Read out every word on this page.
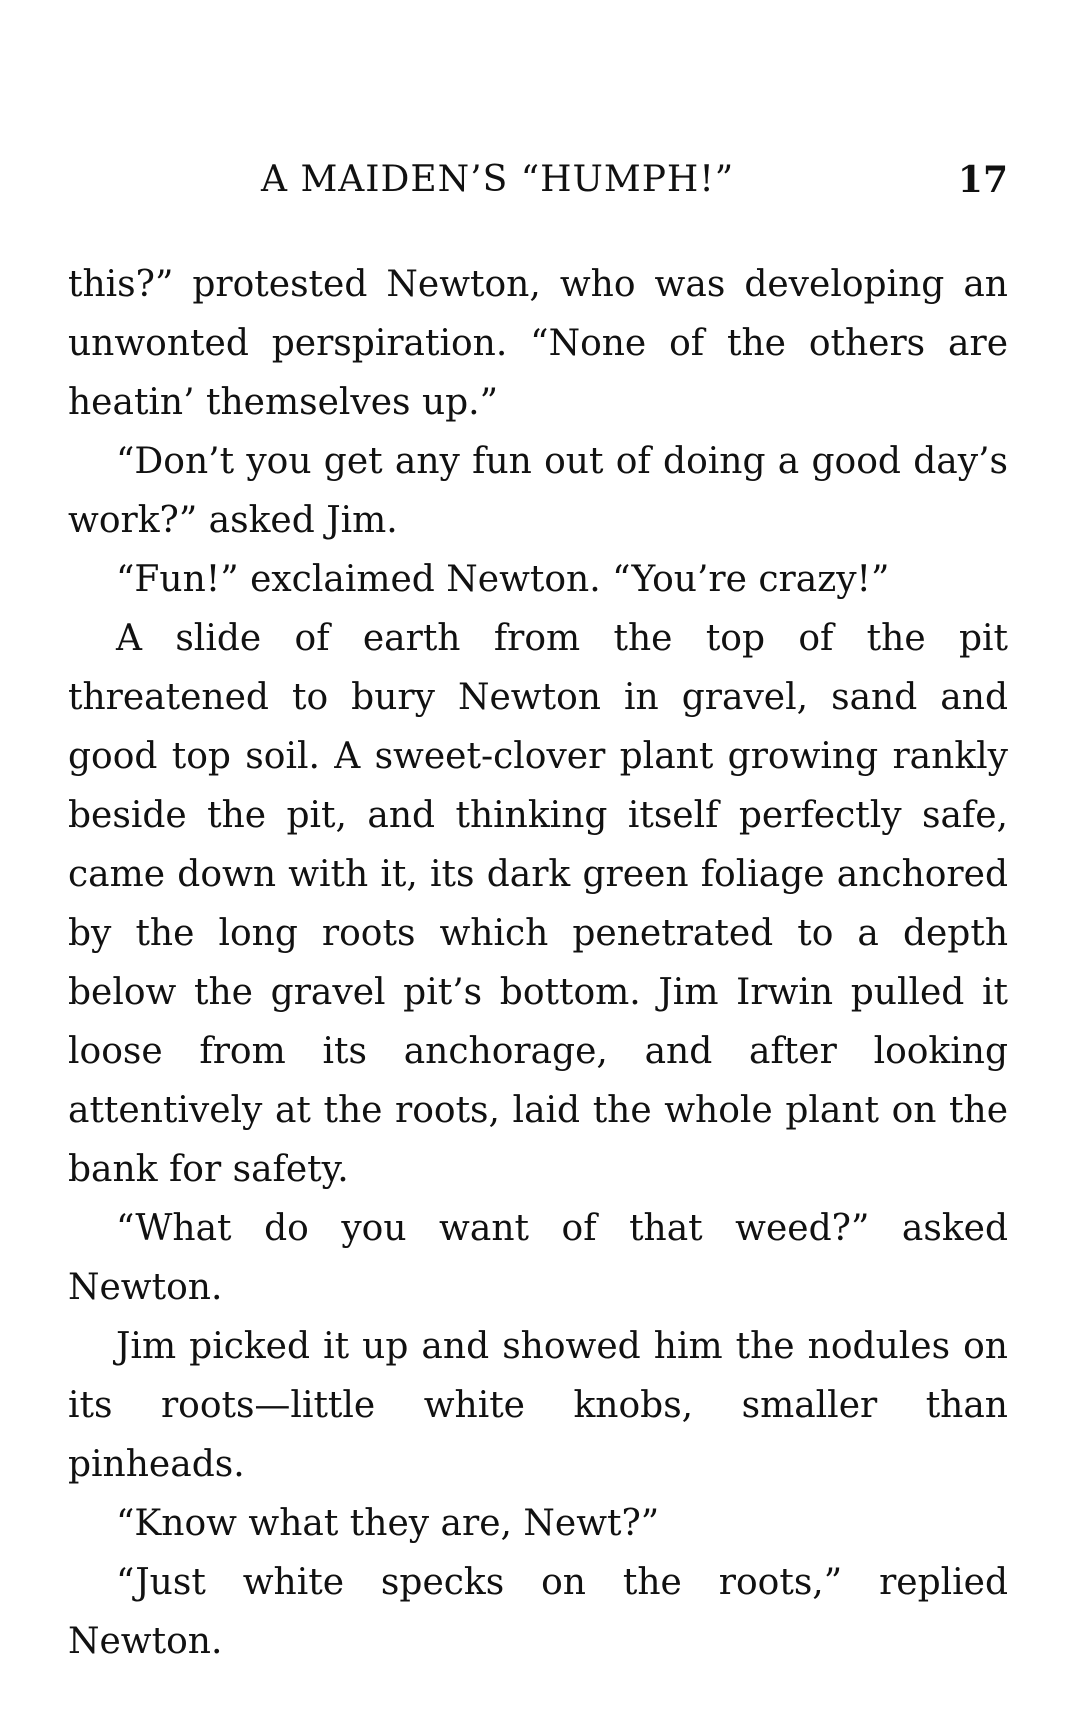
A MAIDEN’S “HUMPH!”	17

this?” protested Newton, who was developing an unwonted perspiration. “None of the others are heatin’ themselves up.”

“Don’t you get any fun out of doing a good day’s work?” asked Jim.

“Fun!” exclaimed Newton. “You’re crazy!”

A slide of earth from the top of the pit threatened to bury Newton in gravel, sand and good top soil. A sweet-clover plant growing rankly beside the pit, and thinking itself perfectly safe, came down with it, its dark green foliage anchored by the long roots which penetrated to a depth below the gravel pit’s bottom. Jim Irwin pulled it loose from its anchorage, and after looking attentively at the roots, laid the whole plant on the bank for safety.

“What do you want of that weed?” asked Newton.

Jim picked it up and showed him the nodules on its roots—little white knobs, smaller than pinheads.

“Know what they are, Newt?”

“Just white specks on the roots,” replied Newton.
